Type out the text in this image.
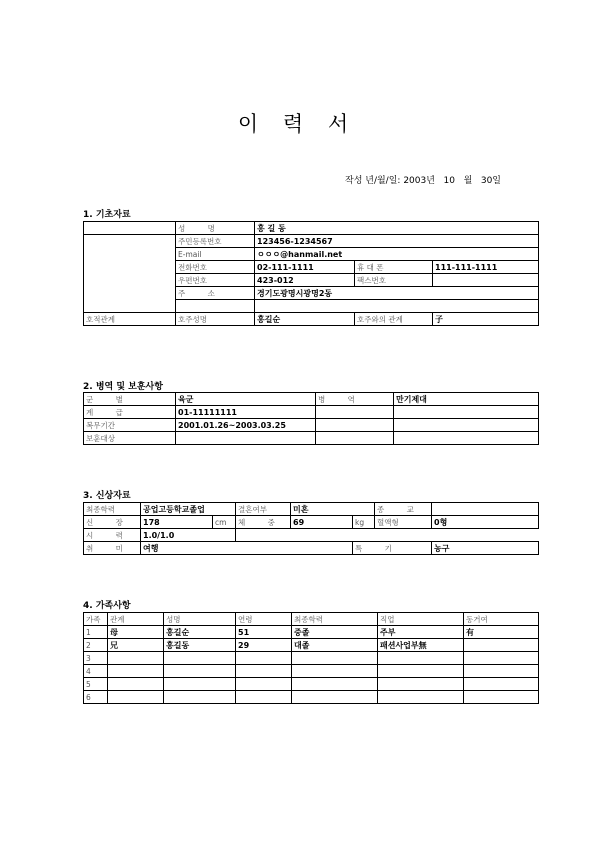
이 력 서
작성 년/월/일: 2003년 10 월 30일
1. 기초자료
	성 명	홍 길 동		
	주민등록번호	123456-1234567		
	E-mail	ㅇㅇㅇ@hanmail.net		
	전화번호	02-111-1111	휴 대 폰	111-111-1111
	우편번호	423-012	팩스번호	
	주 소	경기도광명시광명2동		

호적관계	호주성명	홍길순	호주와의 관계	子
2. 병역 및 보훈사항
군 별	육군	병 역	만기제대
계 급	01-11111111		
복무기간	2001.01.26~2003.03.25		
보훈대상			
3. 신상자료
최종학력	공업고등학교졸업		결혼여부	미혼		종 교	
신 장	178	cm	체 중	69	kg	혈액형	0형
시 력	1.0/1.0						
취 미	여행				특 기		농구
4. 가족사항
가족	관계	성명	연령	최종학력	직업	동거여
1	母	홍길순	51	중졸	주부	有
2	兄	홍길동	29	대졸	패션사업부無	
3						
4						
5						
6						
